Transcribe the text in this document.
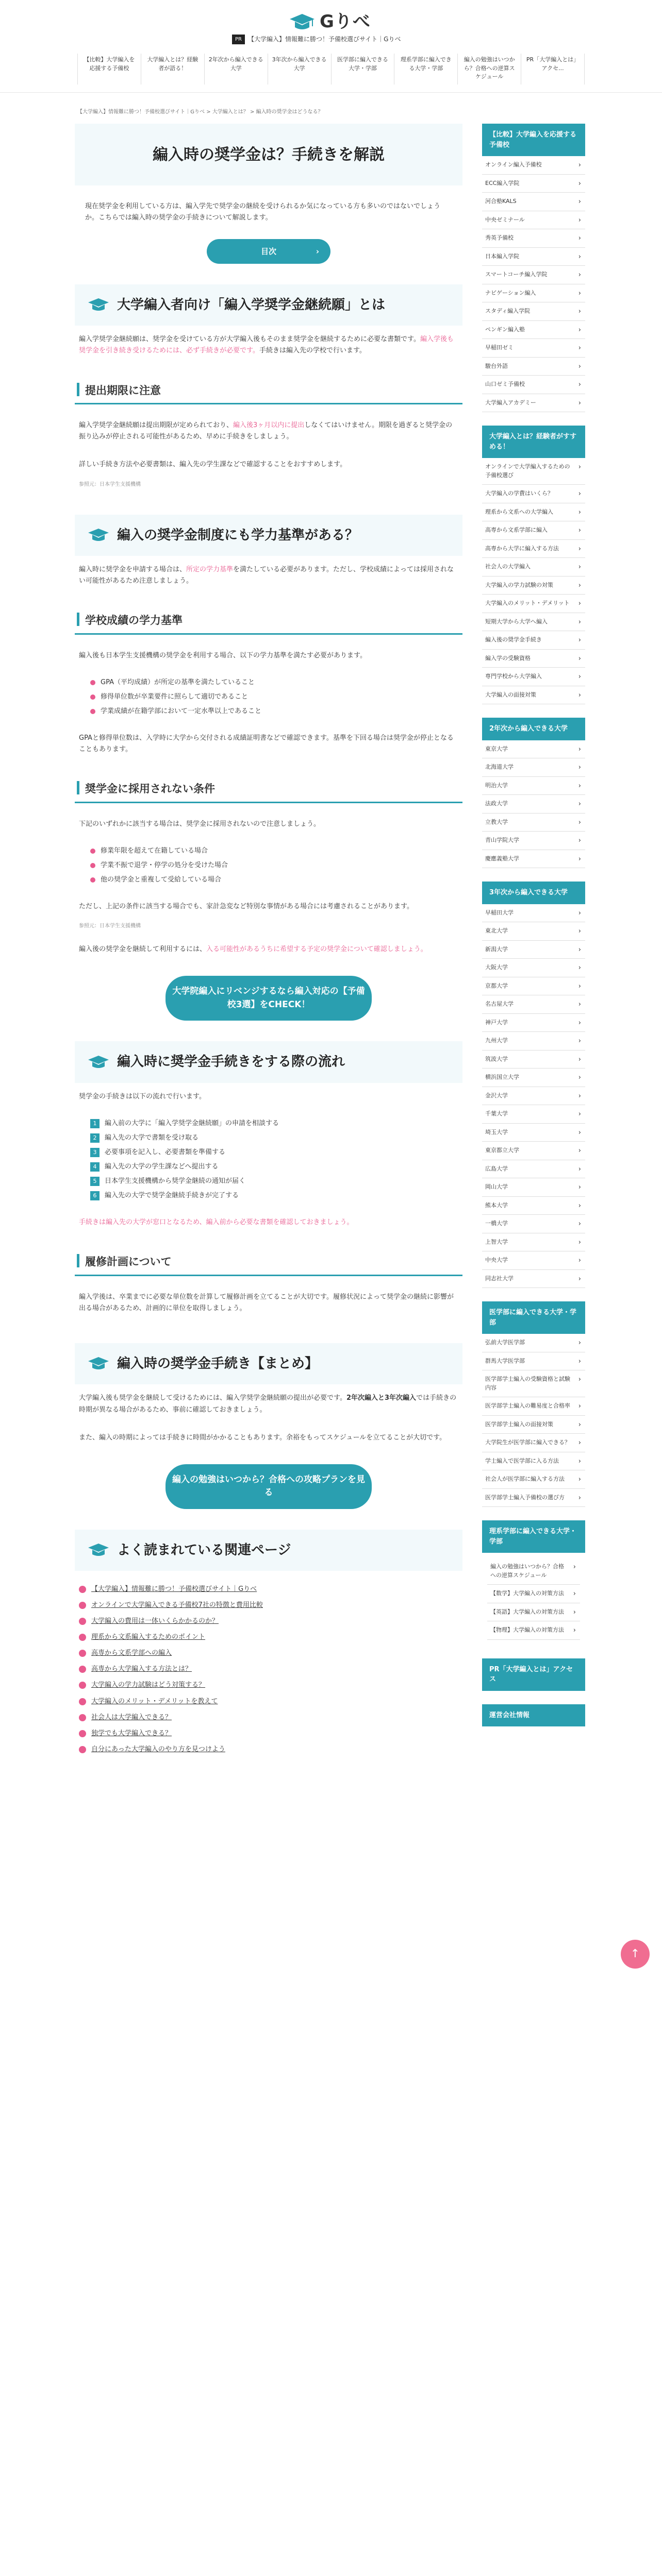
Gりべ
PR	【大学編入】情報難に勝つ！予備校選びサイト｜Gりべ
【比較】大学編入を応援する予備校
大学編入とは？経験者が語る！
2年次から編入できる大学
3年次から編入できる大学
医学部に編入できる大学・学部
理系学部に編入できる大学・学部
編入の勉強はいつから？合格への逆算スケジュール
PR「大学編入とは」アクセ...
【大学編入】情報難に勝つ！予備校選びサイト｜Gりべ > 大学編入とは？ > 編入時の奨学金はどうなる？
編入時の奨学金は？手続きを解説

現在奨学金を利用している方は、編入学先で奨学金の継続を受けられるか気になっている方も多いのではないでしょうか。こちらでは編入時の奨学金の手続きについて解説します。

目次	›
大学編入者向け「編入学奨学金継続願」とは

編入学奨学金継続願は、奨学金を受けている方が大学編入後もそのまま奨学金を継続するために必要な書類です。編入学後も奨学金を引き続き受けるためには、必ず手続きが必要です。手続きは編入先の学校で行います。

提出期限に注意

編入学奨学金継続願は提出期限が定められており、編入後3ヶ月以内に提出しなくてはいけません。期限を過ぎると奨学金の振り込みが停止される可能性があるため、早めに手続きをしましょう。

詳しい手続き方法や必要書類は、編入先の学生課などで確認することをおすすめします。

参照元：日本学生支援機構

編入の奨学金制度にも学力基準がある？

編入時に奨学金を申請する場合は、所定の学力基準を満たしている必要があります。ただし、学校成績によっては採用されない可能性があるため注意しましょう。

学校成績の学力基準

編入後も日本学生支援機構の奨学金を利用する場合、以下の学力基準を満たす必要があります。

GPA（平均成績）が所定の基準を満たしていること
修得単位数が卒業要件に照らして適切であること
学業成績が在籍学部において一定水準以上であること

GPAと修得単位数は、入学時に大学から交付される成績証明書などで確認できます。基準を下回る場合は奨学金が停止となることもあります。

奨学金に採用されない条件

下記のいずれかに該当する場合は、奨学金に採用されないので注意しましょう。

修業年限を超えて在籍している場合
学業不振で退学・停学の処分を受けた場合
他の奨学金と重複して受給している場合

ただし、上記の条件に該当する場合でも、家計急変など特別な事情がある場合には考慮されることがあります。

参照元：日本学生支援機構

編入後の奨学金を継続して利用するには、入る可能性があるうちに希望する予定の奨学金について確認しましょう。

大学院編入にリベンジするなら編入対応の【予備校3選】をCHECK！
編入時に奨学金手続きをする際の流れ

奨学金の手続きは以下の流れで行います。

1	編入前の大学に「編入学奨学金継続願」の申請を相談する
2	編入先の大学で書類を受け取る
3	必要事項を記入し、必要書類を準備する
4	編入先の大学の学生課などへ提出する
5	日本学生支援機構から奨学金継続の通知が届く
6	編入先の大学で奨学金継続手続きが完了する

手続きは編入先の大学が窓口となるため、編入前から必要な書類を確認しておきましょう。

履修計画について

編入学後は、卒業までに必要な単位数を計算して履修計画を立てることが大切です。履修状況によって奨学金の継続に影響が出る場合があるため、計画的に単位を取得しましょう。

編入時の奨学金手続き【まとめ】

大学編入後も奨学金を継続して受けるためには、編入学奨学金継続願の提出が必要です。2年次編入と3年次編入では手続きの時期が異なる場合があるため、事前に確認しておきましょう。

また、編入の時期によっては手続きに時間がかかることもあります。余裕をもってスケジュールを立てることが大切です。

編入の勉強はいつから？合格への攻略プランを見る
よく読まれている関連ページ
【大学編入】情報難に勝つ！予備校選びサイト｜Gりべ
オンラインで大学編入できる予備校7社の特徴と費用比較
大学編入の費用は一体いくらかかるのか？
理系から文系編入するためのポイント
高専から文系学部への編入
高専から大学編入する方法とは？
大学編入の学力試験はどう対策する？
大学編入のメリット・デメリットを教えて
社会人は大学編入できる？
独学でも大学編入できる？
自分にあった大学編入のやり方を見つけよう
【比較】大学編入を応援する予備校
オンライン編入予備校 ›
ECC編入学院 ›
河合塾KALS ›
中央ゼミナール ›
秀英予備校 ›
日本編入学院 ›
スマートコーチ編入学院 ›
ナビゲーション編入 ›
スタディ編入学院 ›
ペンギン編入塾 ›
早稲田ゼミ ›
駿台外語 ›
山口ゼミ予備校 ›
大学編入アカデミー ›
大学編入とは？経験者がすすめる！
オンラインで大学編入するための予備校選び ›
大学編入の学費はいくら？ ›
理系から文系への大学編入 ›
高専から文系学部に編入 ›
高専から大学に編入する方法 ›
社会人の大学編入 ›
大学編入の学力試験の対策 ›
大学編入のメリット・デメリット ›
短期大学から大学へ編入 ›
編入後の奨学金手続き ›
編入学の受験資格 ›
専門学校から大学編入 ›
大学編入の面接対策 ›
2年次から編入できる大学
東京大学 ›
北海道大学 ›
明治大学 ›
法政大学 ›
立教大学 ›
青山学院大学 ›
慶應義塾大学 ›
3年次から編入できる大学
早稲田大学 ›
東北大学 ›
新潟大学 ›
大阪大学 ›
京都大学 ›
名古屋大学 ›
神戸大学 ›
九州大学 ›
筑波大学 ›
横浜国立大学 ›
金沢大学 ›
千葉大学 ›
埼玉大学 ›
東京都立大学 ›
広島大学 ›
岡山大学 ›
熊本大学 ›
一橋大学 ›
上智大学 ›
中央大学 ›
同志社大学 ›
医学部に編入できる大学・学部
弘前大学医学部 ›
群馬大学医学部 ›
医学部学士編入の受験資格と試験内容 ›
医学部学士編入の難易度と合格率 ›
医学部学士編入の面接対策 ›
大学院生が医学部に編入できる？ ›
学士編入で医学部に入る方法 ›
社会人が医学部に編入する方法 ›
医学部学士編入予備校の選び方 ›
理系学部に編入できる大学・学部
編入の勉強はいつから？合格への逆算スケジュール ›
【数学】大学編入の対策方法 ›
【英語】大学編入の対策方法 ›
【物理】大学編入の対策方法 ›
PR「大学編入とは」アクセス
運営会社情報
↑
